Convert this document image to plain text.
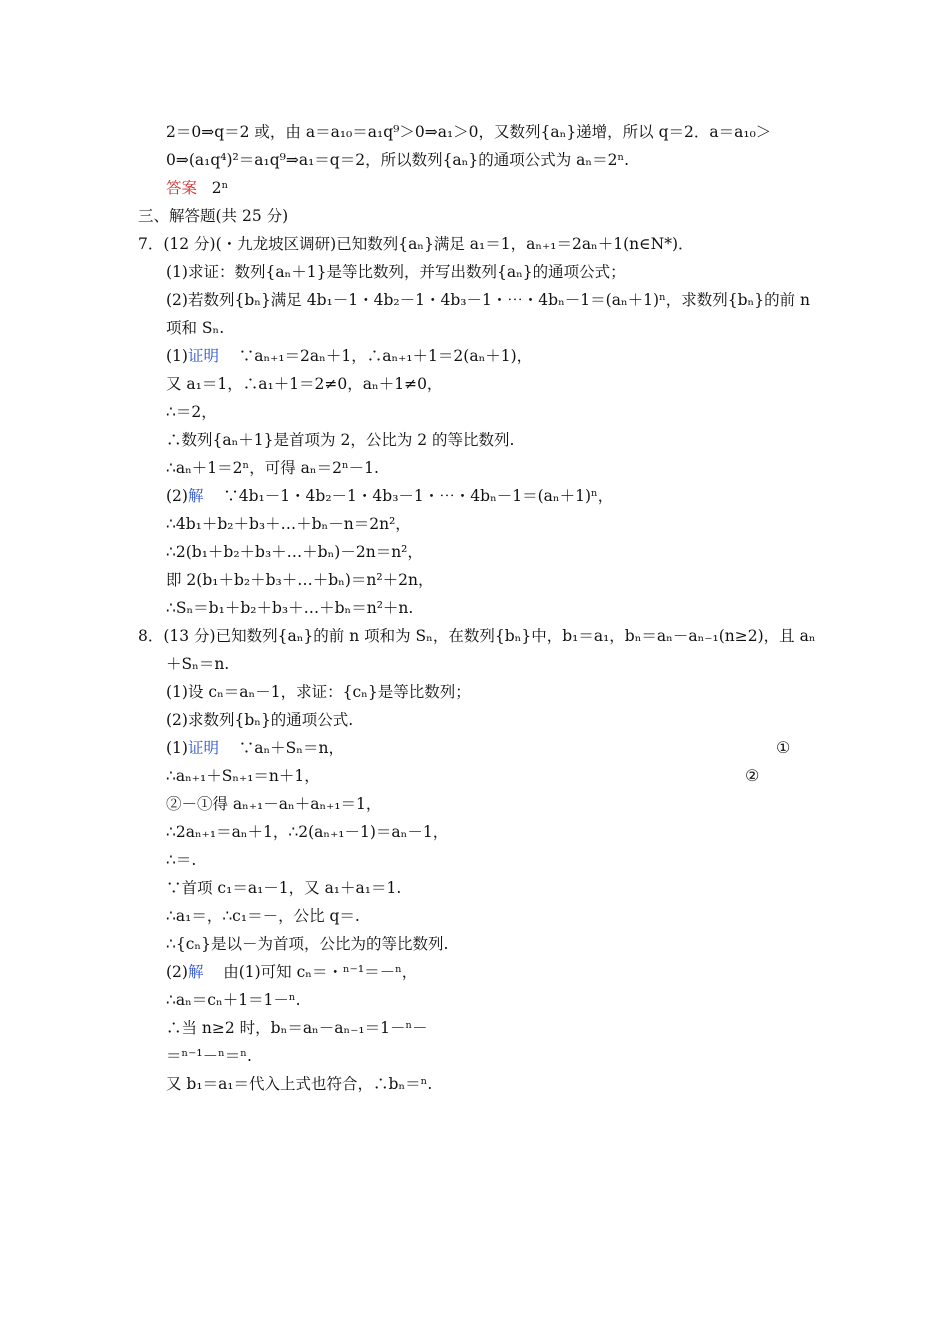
2＝0⇒q＝2 或，由 a＝a₁₀＝a₁q⁹＞0⇒a₁＞0，又数列{aₙ}递增，所以 q＝2．a＝a₁₀＞
0⇒(a₁q⁴)²＝a₁q⁹⇒a₁＝q＝2，所以数列{aₙ}的通项公式为 aₙ＝2ⁿ.
答案 2ⁿ
三、解答题(共 25 分)
7．(12 分)(・九龙坡区调研)已知数列{aₙ}满足 a₁＝1，aₙ₊₁＝2aₙ＋1(n∈N*)．
(1)求证：数列{aₙ＋1}是等比数列，并写出数列{aₙ}的通项公式；
(2)若数列{bₙ}满足 4b₁－1・4b₂－1・4b₃－1・⋯・4bₙ－1＝(aₙ＋1)ⁿ，求数列{bₙ}的前 n
项和 Sₙ.
(1)证明 ∵aₙ₊₁＝2aₙ＋1，∴aₙ₊₁＋1＝2(aₙ＋1)，
又 a₁＝1，∴a₁＋1＝2≠0，aₙ＋1≠0，
∴＝2，
∴数列{aₙ＋1}是首项为 2，公比为 2 的等比数列.
∴aₙ＋1＝2ⁿ，可得 aₙ＝2ⁿ－1.
(2)解 ∵4b₁－1・4b₂－1・4b₃－1・⋯・4bₙ－1＝(aₙ＋1)ⁿ，
∴4b₁＋b₂＋b₃＋…＋bₙ－n＝2n²，
∴2(b₁＋b₂＋b₃＋…＋bₙ)－2n＝n²，
即 2(b₁＋b₂＋b₃＋…＋bₙ)＝n²＋2n，
∴Sₙ＝b₁＋b₂＋b₃＋…＋bₙ＝n²＋n.
8．(13 分)已知数列{aₙ}的前 n 项和为 Sₙ，在数列{bₙ}中，b₁＝a₁，bₙ＝aₙ－aₙ₋₁(n≥2)，且 aₙ
＋Sₙ＝n.
(1)设 cₙ＝aₙ－1，求证：{cₙ}是等比数列；
(2)求数列{bₙ}的通项公式.
(1)证明 ∵aₙ＋Sₙ＝n，	①
∴aₙ₊₁＋Sₙ₊₁＝n＋1，	②
②－①得 aₙ₊₁－aₙ＋aₙ₊₁＝1，
∴2aₙ₊₁＝aₙ＋1，∴2(aₙ₊₁－1)＝aₙ－1，
∴＝.
∵首项 c₁＝a₁－1，又 a₁＋a₁＝1.
∴a₁＝，∴c₁＝－，公比 q＝.
∴{cₙ}是以－为首项，公比为的等比数列.
(2)解 由(1)可知 cₙ＝・ⁿ⁻¹＝－ⁿ，
∴aₙ＝cₙ＋1＝1－ⁿ.
∴当 n≥2 时，bₙ＝aₙ－aₙ₋₁＝1－ⁿ－
＝ⁿ⁻¹－ⁿ＝ⁿ.
又 b₁＝a₁＝代入上式也符合，∴bₙ＝ⁿ.
